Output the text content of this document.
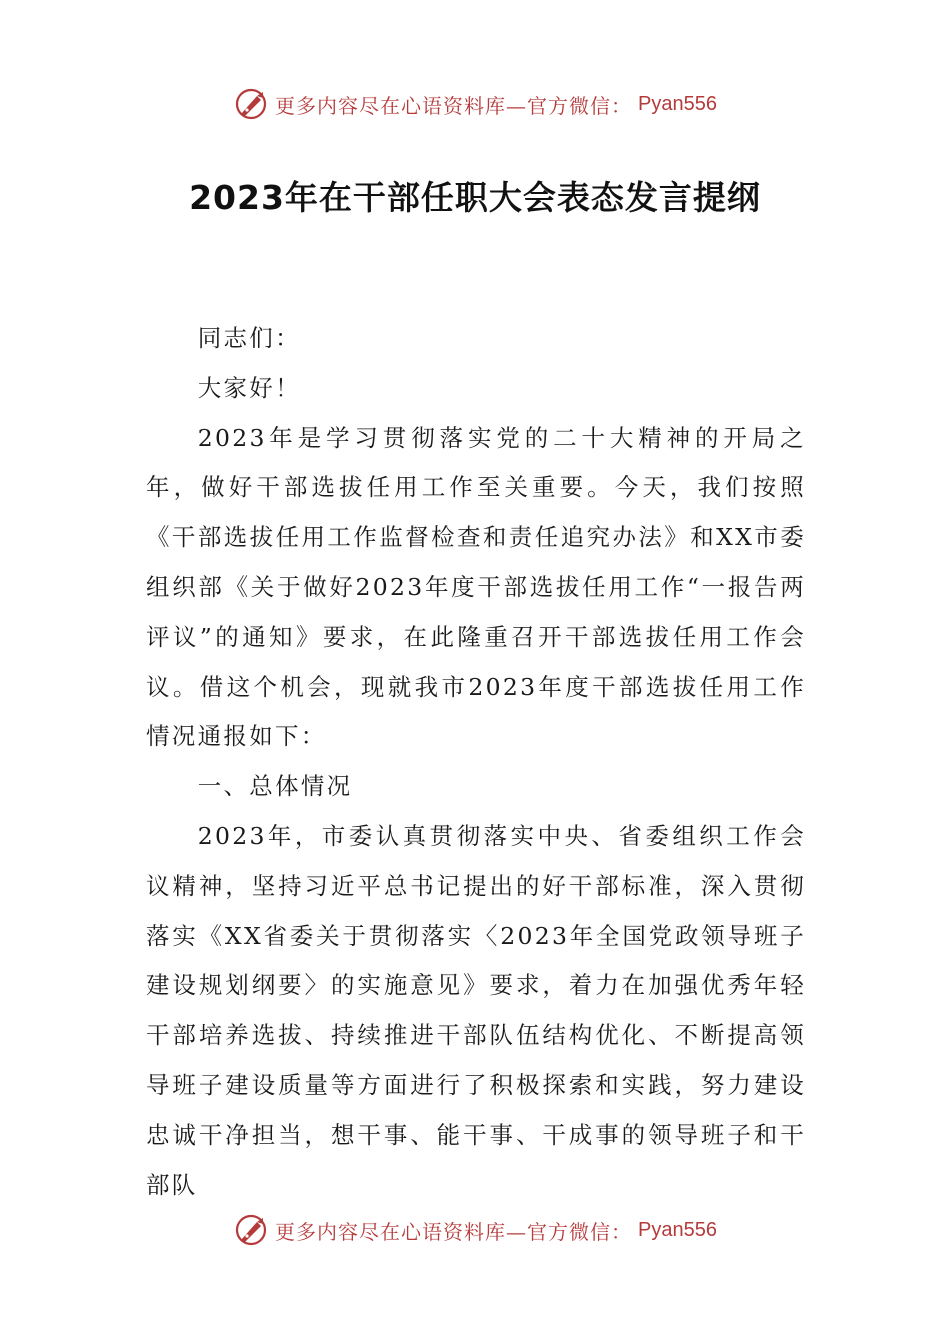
更多内容尽在心语资料库—官方微信： Pyan556
2023年在干部任职大会表态发言提纲

同志们：

大家好！

2023年是学习贯彻落实党的二十大精神的开局之年，做好干部选拔任用工作至关重要。今天，我们按照《干部选拔任用工作监督检查和责任追究办法》和XX市委组织部《关于做好2023年度干部选拔任用工作“一报告两评议”的通知》要求，在此隆重召开干部选拔任用工作会议。借这个机会，现就我市2023年度干部选拔任用工作情况通报如下：

一、总体情况

2023年，市委认真贯彻落实中央、省委组织工作会议精神，坚持习近平总书记提出的好干部标准，深入贯彻落实《XX省委关于贯彻落实〈2023年全国党政领导班子建设规划纲要〉的实施意见》要求，着力在加强优秀年轻干部培养选拔、持续推进干部队伍结构优化、不断提高领导班子建设质量等方面进行了积极探索和实践，努力建设忠诚干净担当，想干事、能干事、干成事的领导班子和干部队

更多内容尽在心语资料库—官方微信： Pyan556
